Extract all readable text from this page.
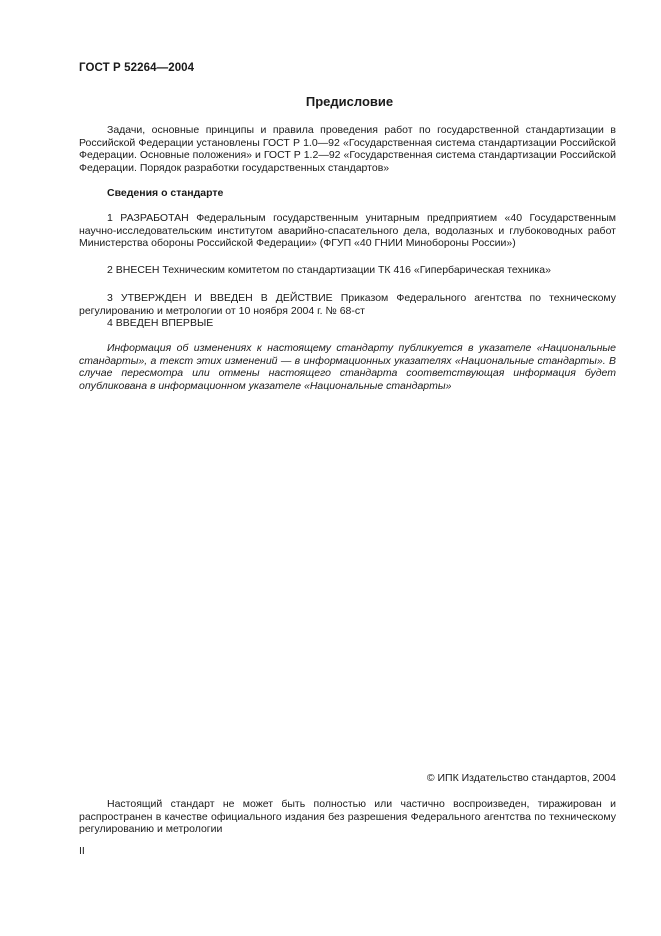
ГОСТ Р 52264—2004
Предисловие

Задачи, основные принципы и правила проведения работ по государственной стандартизации в Российской Федерации установлены ГОСТ Р 1.0—92 «Государственная система стандартизации Российской Федерации. Основные положения» и ГОСТ Р 1.2—92 «Государственная система стандартизации Российской Федерации. Порядок разработки государственных стандартов»

Сведения о стандарте

1 РАЗРАБОТАН Федеральным государственным унитарным предприятием «40 Государственным научно-исследовательским институтом аварийно-спасательного дела, водолазных и глубоководных работ Министерства обороны Российской Федерации» (ФГУП «40 ГНИИ Минобороны России»)

2 ВНЕСЕН Техническим комитетом по стандартизации ТК 416 «Гипербарическая техника»

3 УТВЕРЖДЕН И ВВЕДЕН В ДЕЙСТВИЕ Приказом Федерального агентства по техническому регулированию и метрологии от 10 ноября 2004 г. № 68-ст

4 ВВЕДЕН ВПЕРВЫЕ

Информация об изменениях к настоящему стандарту публикуется в указателе «Национальные стандарты», а текст этих изменений — в информационных указателях «Национальные стандарты». В случае пересмотра или отмены настоящего стандарта соответствующая информация будет опубликована в информационном указателе «Национальные стандарты»

© ИПК Издательство стандартов, 2004

Настоящий стандарт не может быть полностью или частично воспроизведен, тиражирован и распространен в качестве официального издания без разрешения Федерального агентства по техническому регулированию и метрологии

II
